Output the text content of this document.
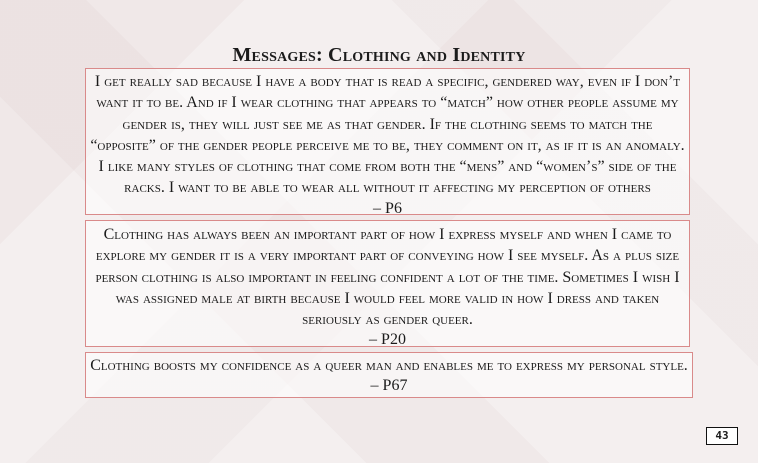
Messages: Clothing and Identity
I get really sad because I have a body that is read a specific, gendered way, even if I don’t want it to be. And if I wear clothing that appears to “match” how other people assume my gender is, they will just see me as that gender. If the clothing seems to match the “opposite” of the gender people perceive me to be, they comment on it, as if it is an anomaly. I like many styles of clothing that come from both the “mens” and “women’s” side of the racks. I want to be able to wear all without it affecting my perception of others
– P6
Clothing has always been an important part of how I express myself and when I came to explore my gender it is a very important part of conveying how I see myself. As a plus size person clothing is also important in feeling confident a lot of the time. Sometimes I wish I was assigned male at birth because I would feel more valid in how I dress and taken seriously as gender queer.
– P20
Clothing boosts my confidence as a queer man and enables me to express my personal style.
– P67
43
